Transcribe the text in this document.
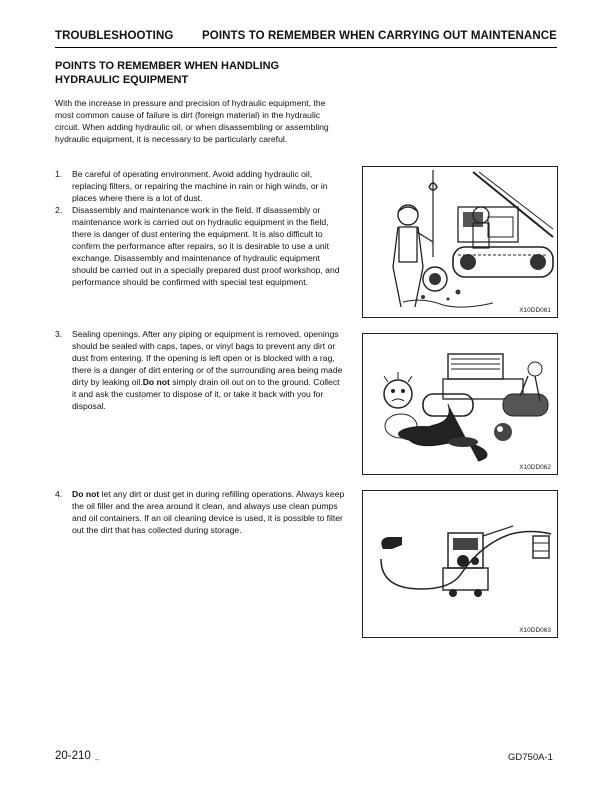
TROUBLESHOOTING POINTS TO REMEMBER WHEN CARRYING OUT MAINTENANCE
POINTS TO REMEMBER WHEN HANDLING
HYDRAULIC EQUIPMENT
With the increase in pressure and precision of hydraulic equipment, the most common cause of failure is dirt (foreign material) in the hydraulic circuit. When adding hydraulic oil, or when disassembling or assembling hydraulic equipment, it is necessary to be particularly careful.
1. Be careful of operating environment. Avoid adding hydraulic oil, replacing filters, or repairing the machine in rain or high winds, or in places where there is a lot of dust.
2. Disassembly and maintenance work in the field. If disassembly or maintenance work is carried out on hydraulic equipment in the field, there is danger of dust entering the equipment. It is also difficult to confirm the performance after repairs, so it is desirable to use a unit exchange. Disassembly and maintenance of hydraulic equipment should be carried out in a specially prepared dust proof workshop, and performance should be confirmed with special test equipment.
3. Sealing openings. After any piping or equipment is removed, openings should be sealed with caps, tapes, or vinyl bags to prevent any dirt or dust from entering. If the opening is left open or is blocked with a rag, there is a danger of dirt entering or of the surrounding area being made dirty by leaking oil.Do not simply drain oil out on to the ground. Collect it and ask the customer to dispose of it, or take it back with you for disposal.
4. Do not let any dirt or dust get in during refilling operations. Always keep the oil filler and the area around it clean, and always use clean pumps and oil containers. If an oil cleaning device is used, it is possible to filter out the dirt that has collected during storage.
X10DD061
X10DD062
X10DD063
20-210 ←	GD750A-1
